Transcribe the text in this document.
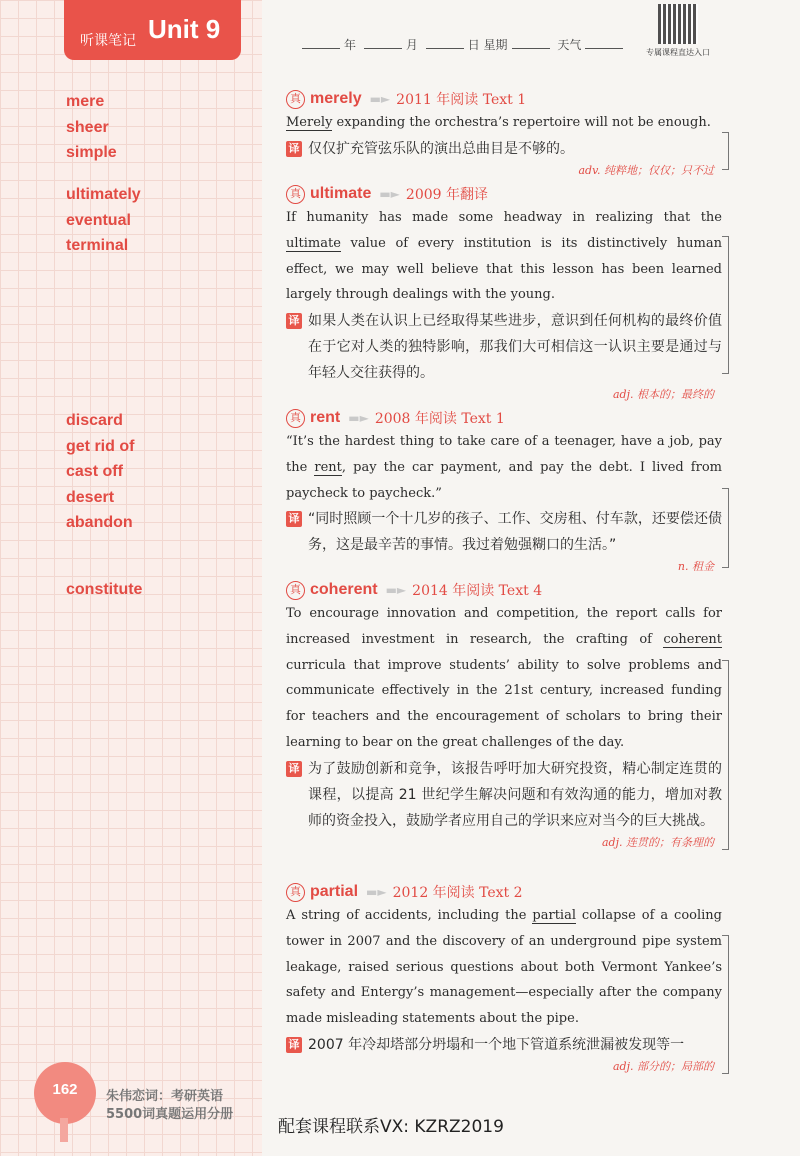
听课笔记 Unit 9
mere
sheer
simple
ultimately
eventual
terminal
discard
get rid of
cast off
desert
abandon
constitute
162	朱伟恋词：考研英语
5500词真题运用分册
年	月	日 星期	天气
专属课程直达入口
真 merely ▬► 2011 年阅读 Text 1

Merely expanding the orchestra’s repertoire will not be enough.

译 仅仅扩充管弦乐队的演出总曲目是不够的。
adv. 纯粹地；仅仅；只不过
真 ultimate ▬► 2009 年翻译

If humanity has made some headway in realizing that the ultimate value of every institution is its distinctively human effect, we may well believe that this lesson has been learned largely through dealings with the young.

译 如果人类在认识上已经取得某些进步，意识到任何机构的最终价值在于它对人类的独特影响，那我们大可相信这一认识主要是通过与年轻人交往获得的。
adj. 根本的；最终的
真 rent ▬► 2008 年阅读 Text 1

“It’s the hardest thing to take care of a teenager, have a job, pay the rent, pay the car payment, and pay the debt. I lived from paycheck to paycheck.”

译 “同时照顾一个十几岁的孩子、工作、交房租、付车款，还要偿还债务，这是最辛苦的事情。我过着勉强糊口的生活。”
n. 租金
真 coherent ▬► 2014 年阅读 Text 4

To encourage innovation and competition, the report calls for increased investment in research, the crafting of coherent curricula that improve students’ ability to solve problems and communicate effectively in the 21st century, increased funding for teachers and the encouragement of scholars to bring their learning to bear on the great challenges of the day.

译 为了鼓励创新和竞争，该报告呼吁加大研究投资，精心制定连贯的课程，以提高 21 世纪学生解决问题和有效沟通的能力，增加对教师的资金投入，鼓励学者应用自己的学识来应对当今的巨大挑战。
adj. 连贯的；有条理的
真 partial ▬► 2012 年阅读 Text 2

A string of accidents, including the partial collapse of a cooling tower in 2007 and the discovery of an underground pipe system leakage, raised serious questions about both Vermont Yankee’s safety and Entergy’s management—especially after the company made misleading statements about the pipe.

译 2007 年冷却塔部分坍塌和一个地下管道系统泄漏被发现等一
adj. 部分的；局部的
配套课程联系VX: KZRZ2019
